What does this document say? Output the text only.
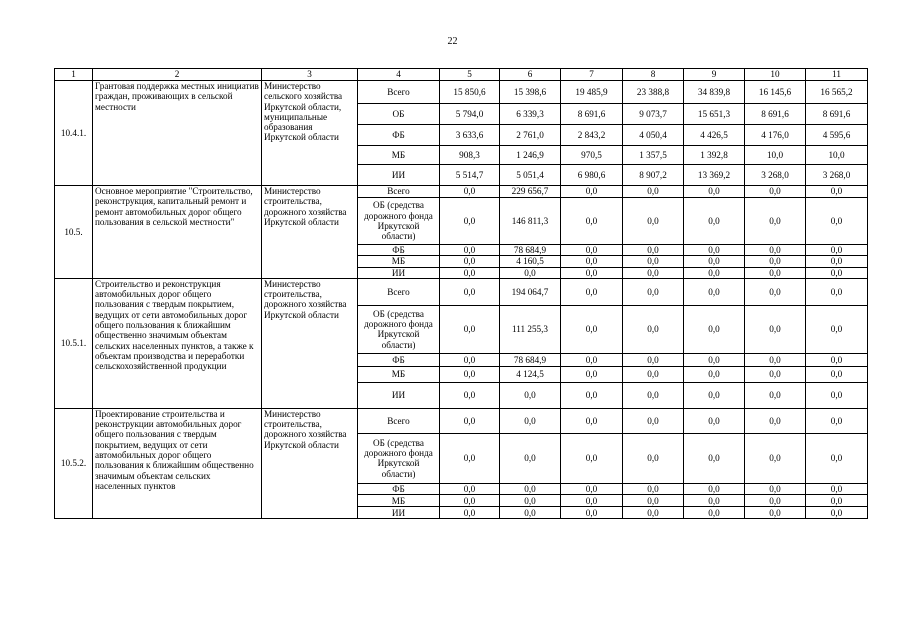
22
1	2	3	4	5	6	7	8	9	10	11
10.4.1.	Грантовая поддержка местных инициатив граждан, проживающих в сельской местности	Министерство сельского хозяйства Иркутской области, муниципальные образования Иркутской области	Всего	15 850,6	15 398,6	19 485,9	23 388,8	34 839,8	16 145,6	16 565,2
			ОБ	5 794,0	6 339,3	8 691,6	9 073,7	15 651,3	8 691,6	8 691,6
			ФБ	3 633,6	2 761,0	2 843,2	4 050,4	4 426,5	4 176,0	4 595,6
			МБ	908,3	1 246,9	970,5	1 357,5	1 392,8	10,0	10,0
			ИИ	5 514,7	5 051,4	6 980,6	8 907,2	13 369,2	3 268,0	3 268,0
10.5.	Основное мероприятие "Строительство, реконструкция, капитальный ремонт и ремонт автомобильных дорог общего пользования в сельской местности"	Министерство строительства, дорожного хозяйства Иркутской области	Всего	0,0	229 656,7	0,0	0,0	0,0	0,0	0,0
			ОБ (средства дорожного фонда Иркутской области)	0,0	146 811,3	0,0	0,0	0,0	0,0	0,0
			ФБ	0,0	78 684,9	0,0	0,0	0,0	0,0	0,0
			МБ	0,0	4 160,5	0,0	0,0	0,0	0,0	0,0
			ИИ	0,0	0,0	0,0	0,0	0,0	0,0	0,0
10.5.1.	Строительство и реконструкция автомобильных дорог общего пользования с твердым покрытием, ведущих от сети автомобильных дорог общего пользования к ближайшим общественно значимым объектам сельских населенных пунктов, а также к объектам производства и переработки сельскохозяйственной продукции	Министерство строительства, дорожного хозяйства Иркутской области	Всего	0,0	194 064,7	0,0	0,0	0,0	0,0	0,0
			ОБ (средства дорожного фонда Иркутской области)	0,0	111 255,3	0,0	0,0	0,0	0,0	0,0
			ФБ	0,0	78 684,9	0,0	0,0	0,0	0,0	0,0
			МБ	0,0	4 124,5	0,0	0,0	0,0	0,0	0,0
			ИИ	0,0	0,0	0,0	0,0	0,0	0,0	0,0
10.5.2.	Проектирование строительства и реконструкции автомобильных дорог общего пользования с твердым покрытием, ведущих от сети автомобильных дорог общего пользования к ближайшим общественно значимым объектам сельских населенных пунктов	Министерство строительства, дорожного хозяйства Иркутской области	Всего	0,0	0,0	0,0	0,0	0,0	0,0	0,0
			ОБ (средства дорожного фонда Иркутской области)	0,0	0,0	0,0	0,0	0,0	0,0	0,0
			ФБ	0,0	0,0	0,0	0,0	0,0	0,0	0,0
			МБ	0,0	0,0	0,0	0,0	0,0	0,0	0,0
			ИИ	0,0	0,0	0,0	0,0	0,0	0,0	0,0
